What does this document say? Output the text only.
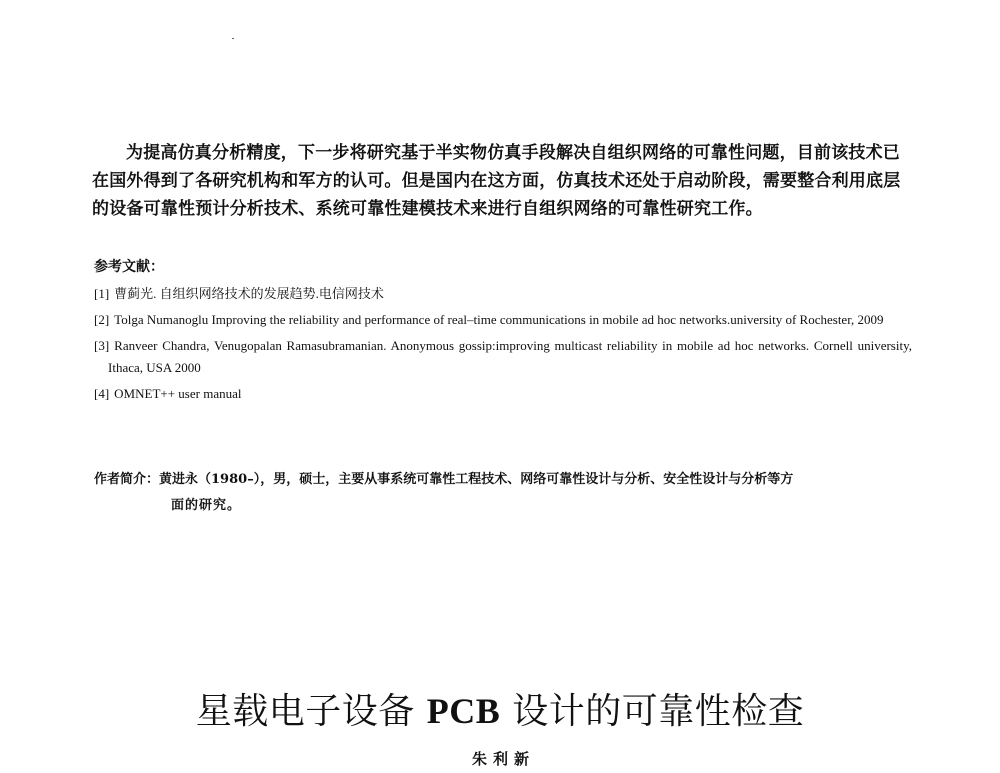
为提高仿真分析精度，下一步将研究基于半实物仿真手段解决自组织网络的可靠性问题，目前该技术已在国外得到了各研究机构和军方的认可。但是国内在这方面，仿真技术还处于启动阶段，需要整合利用底层的设备可靠性预计分析技术、系统可靠性建模技术来进行自组织网络的可靠性研究工作。

参考文献：
[1] 曹蓟光. 自组织网络技术的发展趋势.电信网技术
[2] Tolga Numanoglu Improving the reliability and performance of real–time communications in mobile ad hoc networks.university of Rochester, 2009
[3] Ranveer Chandra, Venugopalan Ramasubramanian. Anonymous gossip:improving multicast reliability in mobile ad hoc networks. Cornell university, Ithaca, USA 2000
[4] OMNET++ user manual
作者简介：黄进永（1980–），男，硕士，主要从事系统可靠性工程技术、网络可靠性设计与分析、安全性设计与分析等方
面的研究。
星载电子设备 PCB 设计的可靠性检查

朱利新
